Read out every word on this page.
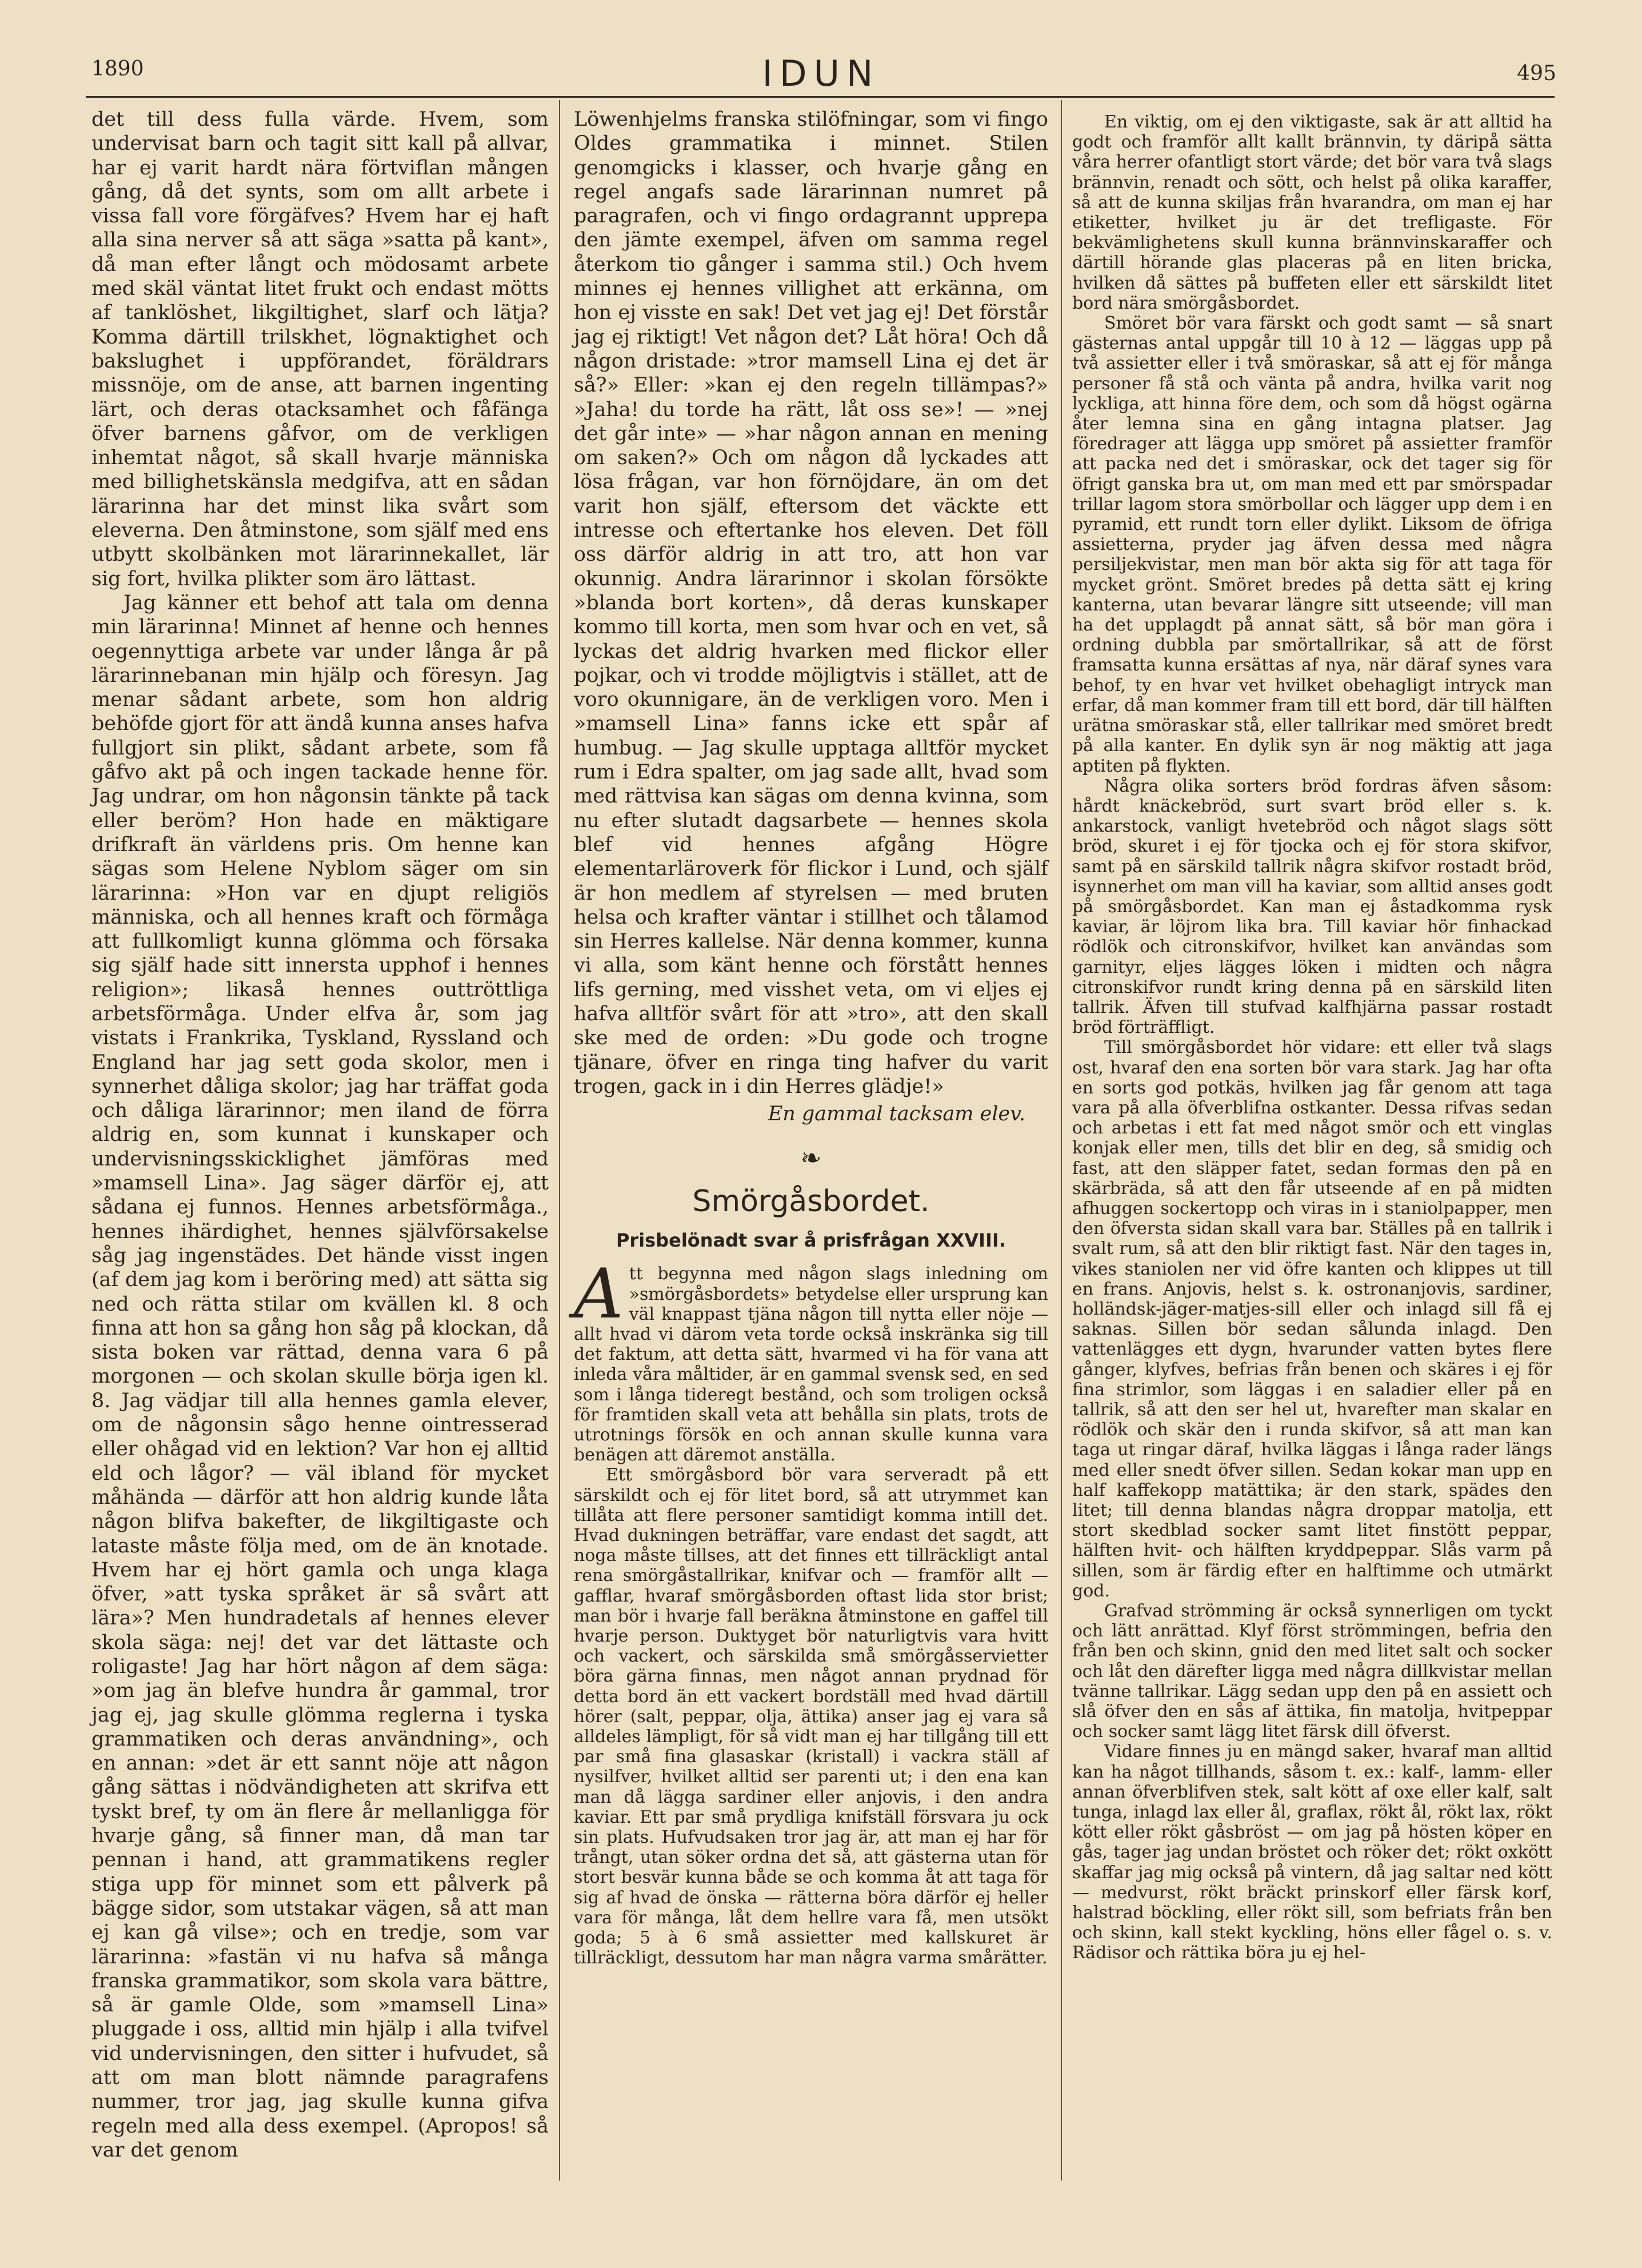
1890	IDUN	495

det till dess fulla värde. Hvem, som undervisat barn och tagit sitt kall på allvar, har ej varit hardt nära förtviflan mången gång, då det synts, som om allt arbete i vissa fall vore förgäfves? Hvem har ej haft alla sina nerver så att säga »satta på kant», då man efter långt och mödosamt arbete med skäl väntat litet frukt och endast mötts af tanklöshet, likgiltighet, slarf och lätja? Komma därtill trilskhet, lögnaktighet och bakslughet i uppförandet, föräldrars missnöje, om de anse, att barnen ingenting lärt, och deras otacksamhet och fåfänga öfver barnens gåfvor, om de verkligen inhemtat något, så skall hvarje människa med billighetskänsla medgifva, att en sådan lärarinna har det minst lika svårt som eleverna. Den åtminstone, som själf med ens utbytt skolbänken mot lärarinnekallet, lär sig fort, hvilka plikter som äro lättast.

Jag känner ett behof att tala om denna min lärarinna! Minnet af henne och hennes oegennyttiga arbete var under långa år på lärarinnebanan min hjälp och föresyn. Jag menar sådant arbete, som hon aldrig behöfde gjort för att ändå kunna anses hafva fullgjort sin plikt, sådant arbete, som få gåfvo akt på och ingen tackade henne för. Jag undrar, om hon någonsin tänkte på tack eller beröm? Hon hade en mäktigare drifkraft än världens pris. Om henne kan sägas som Helene Nyblom säger om sin lärarinna: »Hon var en djupt religiös människa, och all hennes kraft och förmåga att fullkomligt kunna glömma och försaka sig själf hade sitt innersta upphof i hennes religion»; likaså hennes outtröttliga arbetsförmåga. Under elfva år, som jag vistats i Frankrika, Tyskland, Ryssland och England har jag sett goda skolor, men i synnerhet dåliga skolor; jag har träffat goda och dåliga lärarinnor; men iland de förra aldrig en, som kunnat i kunskaper och undervisningsskicklighet jämföras med »mamsell Lina». Jag säger därför ej, att sådana ej funnos. Hennes arbetsförmåga., hennes ihärdighet, hennes självförsakelse såg jag ingenstädes. Det hände visst ingen (af dem jag kom i beröring med) att sätta sig ned och rätta stilar om kvällen kl. 8 och finna att hon sa gång hon såg på klockan, då sista boken var rättad, denna vara 6 på morgonen — och skolan skulle börja igen kl. 8. Jag vädjar till alla hennes gamla elever, om de någonsin sågo henne ointresserad eller ohågad vid en lektion? Var hon ej alltid eld och lågor? — väl ibland för mycket måhända — därför att hon aldrig kunde låta någon blifva bakefter, de likgiltigaste och lataste måste följa med, om de än knotade. Hvem har ej hört gamla och unga klaga öfver, »att tyska språket är så svårt att lära»? Men hundradetals af hennes elever skola säga: nej! det var det lättaste och roligaste! Jag har hört någon af dem säga: »om jag än blefve hundra år gammal, tror jag ej, jag skulle glömma reglerna i tyska grammatiken och deras användning», och en annan: »det är ett sannt nöje att någon gång sättas i nödvändigheten att skrifva ett tyskt bref, ty om än flere år mellanligga för hvarje gång, så finner man, då man tar pennan i hand, att grammatikens regler stiga upp för minnet som ett pålverk på bägge sidor, som utstakar vägen, så att man ej kan gå vilse»; och en tredje, som var lärarinna: »fastän vi nu hafva så många franska grammatikor, som skola vara bättre, så är gamle Olde, som »mamsell Lina» pluggade i oss, alltid min hjälp i alla tvifvel vid undervisningen, den sitter i hufvudet, så att om man blott nämnde paragrafens nummer, tror jag, jag skulle kunna gifva regeln med alla dess exempel. (Apropos! så var det genom

Löwenhjelms franska stilöfningar, som vi fingo Oldes grammatika i minnet. Stilen genomgicks i klasser, och hvarje gång en regel angafs sade lärarinnan numret på paragrafen, och vi fingo ordagrannt upprepa den jämte exempel, äfven om samma regel återkom tio gånger i samma stil.) Och hvem minnes ej hennes villighet att erkänna, om hon ej visste en sak! Det vet jag ej! Det förstår jag ej riktigt! Vet någon det? Låt höra! Och då någon dristade: »tror mamsell Lina ej det är så?» Eller: »kan ej den regeln tillämpas?» »Jaha! du torde ha rätt, låt oss se»! — »nej det går inte» — »har någon annan en mening om saken?» Och om någon då lyckades att lösa frågan, var hon förnöjdare, än om det varit hon själf, eftersom det väckte ett intresse och eftertanke hos eleven. Det föll oss därför aldrig in att tro, att hon var okunnig. Andra lärarinnor i skolan försökte »blanda bort korten», då deras kunskaper kommo till korta, men som hvar och en vet, så lyckas det aldrig hvarken med flickor eller pojkar, och vi trodde möjligtvis i stället, att de voro okunnigare, än de verkligen voro. Men i »mamsell Lina» fanns icke ett spår af humbug. — Jag skulle upptaga alltför mycket rum i Edra spalter, om jag sade allt, hvad som med rättvisa kan sägas om denna kvinna, som nu efter slutadt dagsarbete — hennes skola blef vid hennes afgång Högre elementarläroverk för flickor i Lund, och själf är hon medlem af styrelsen — med bruten helsa och krafter väntar i stillhet och tålamod sin Herres kallelse. När denna kommer, kunna vi alla, som känt henne och förstått hennes lifs gerning, med visshet veta, om vi eljes ej hafva alltför svårt för att »tro», att den skall ske med de orden: »Du gode och trogne tjänare, öfver en ringa ting hafver du varit trogen, gack in i din Herres glädje!»

En gammal tacksam elev.
❧
Smörgåsbordet.
Prisbelönadt svar å prisfrågan XXVIII.

Att begynna med någon slags inledning om »smörgåsbordets» betydelse eller ursprung kan väl knappast tjäna någon till nytta eller nöje — allt hvad vi därom veta torde också inskränka sig till det faktum, att detta sätt, hvarmed vi ha för vana att inleda våra måltider, är en gammal svensk sed, en sed som i långa tideregt bestånd, och som troligen också för framtiden skall veta att behålla sin plats, trots de utrotnings försök en och annan skulle kunna vara benägen att däremot anställa.

Ett smörgåsbord bör vara serveradt på ett särskildt och ej för litet bord, så att utrymmet kan tillåta att flere personer samtidigt komma intill det. Hvad dukningen beträffar, vare endast det sagdt, att noga måste tillses, att det finnes ett tillräckligt antal rena smörgåstallrikar, knifvar och — framför allt — gafflar, hvaraf smörgåsborden oftast lida stor brist; man bör i hvarje fall beräkna åtminstone en gaffel till hvarje person. Duktyget bör naturligtvis vara hvitt och vackert, och särskilda små smörgåsservietter böra gärna finnas, men något annan prydnad för detta bord än ett vackert bordställ med hvad därtill hörer (salt, peppar, olja, ättika) anser jag ej vara så alldeles lämpligt, för så vidt man ej har tillgång till ett par små fina glasaskar (kristall) i vackra ställ af nysilfver, hvilket alltid ser parenti ut; i den ena kan man då lägga sardiner eller anjovis, i den andra kaviar. Ett par små prydliga knifställ försvara ju ock sin plats. Hufvudsaken tror jag är, att man ej har för trångt, utan söker ordna det så, att gästerna utan för stort besvär kunna både se och komma åt att taga för sig af hvad de önska — rätterna böra därför ej heller vara för många, låt dem hellre vara få, men utsökt goda; 5 à 6 små assietter med kallskuret är tillräckligt, dessutom har man några varma smårätter.

En viktig, om ej den viktigaste, sak är att alltid ha godt och framför allt kallt brännvin, ty däripå sätta våra herrer ofantligt stort värde; det bör vara två slags brännvin, renadt och sött, och helst på olika karaffer, så att de kunna skiljas från hvarandra, om man ej har etiketter, hvilket ju är det trefligaste. För bekvämlighetens skull kunna brännvinskaraffer och därtill hörande glas placeras på en liten bricka, hvilken då sättes på buffeten eller ett särskildt litet bord nära smörgåsbordet.

Smöret bör vara färskt och godt samt — så snart gästernas antal uppgår till 10 à 12 — läggas upp på två assietter eller i två smöraskar, så att ej för många personer få stå och vänta på andra, hvilka varit nog lyckliga, att hinna före dem, och som då högst ogärna åter lemna sina en gång intagna platser. Jag föredrager att lägga upp smöret på assietter framför att packa ned det i smöraskar, ock det tager sig för öfrigt ganska bra ut, om man med ett par smörspadar trillar lagom stora smörbollar och lägger upp dem i en pyramid, ett rundt torn eller dylikt. Liksom de öfriga assietterna, pryder jag äfven dessa med några persiljekvistar, men man bör akta sig för att taga för mycket grönt. Smöret bredes på detta sätt ej kring kanterna, utan bevarar längre sitt utseende; vill man ha det upplagdt på annat sätt, så bör man göra i ordning dubbla par smörtallrikar, så att de först framsatta kunna ersättas af nya, när däraf synes vara behof, ty en hvar vet hvilket obehagligt intryck man erfar, då man kommer fram till ett bord, där till hälften urätna smöraskar stå, eller tallrikar med smöret bredt på alla kanter. En dylik syn är nog mäktig att jaga aptiten på flykten.

Några olika sorters bröd fordras äfven såsom: hårdt knäckebröd, surt svart bröd eller s. k. ankarstock, vanligt hvetebröd och något slags sött bröd, skuret i ej för tjocka och ej för stora skifvor, samt på en särskild tallrik några skifvor rostadt bröd, isynnerhet om man vill ha kaviar, som alltid anses godt på smörgåsbordet. Kan man ej åstadkomma rysk kaviar, är löjrom lika bra. Till kaviar hör finhackad rödlök och citronskifvor, hvilket kan användas som garnityr, eljes lägges löken i midten och några citronskifvor rundt kring denna på en särskild liten tallrik. Äfven till stufvad kalfhjärna passar rostadt bröd förträffligt.

Till smörgåsbordet hör vidare: ett eller två slags ost, hvaraf den ena sorten bör vara stark. Jag har ofta en sorts god potkäs, hvilken jag får genom att taga vara på alla öfverblifna ostkanter. Dessa rifvas sedan och arbetas i ett fat med något smör och ett vinglas konjak eller men, tills det blir en deg, så smidig och fast, att den släpper fatet, sedan formas den på en skärbräda, så att den får utseende af en på midten afhuggen sockertopp och viras in i staniolpapper, men den öfversta sidan skall vara bar. Ställes på en tallrik i svalt rum, så att den blir riktigt fast. När den tages in, vikes staniolen ner vid öfre kanten och klippes ut till en frans. Anjovis, helst s. k. ostronanjovis, sardiner, holländsk-jäger-matjes-sill eller och inlagd sill få ej saknas. Sillen bör sedan sålunda inlagd. Den vattenlägges ett dygn, hvarunder vatten bytes flere gånger, klyfves, befrias från benen och skäres i ej för fina strimlor, som läggas i en saladier eller på en tallrik, så att den ser hel ut, hvarefter man skalar en rödlök och skär den i runda skifvor, så att man kan taga ut ringar däraf, hvilka läggas i långa rader längs med eller snedt öfver sillen. Sedan kokar man upp en half kaffekopp matättika; är den stark, spädes den litet; till denna blandas några droppar matolja, ett stort skedblad socker samt litet finstött peppar, hälften hvit- och hälften kryddpeppar. Slås varm på sillen, som är färdig efter en halftimme och utmärkt god.

Grafvad strömming är också synnerligen om tyckt och lätt anrättad. Klyf först strömmingen, befria den från ben och skinn, gnid den med litet salt och socker och låt den därefter ligga med några dillkvistar mellan tvänne tallrikar. Lägg sedan upp den på en assiett och slå öfver den en sås af ättika, fin matolja, hvitpeppar och socker samt lägg litet färsk dill öfverst.

Vidare finnes ju en mängd saker, hvaraf man alltid kan ha något tillhands, såsom t. ex.: kalf-, lamm- eller annan öfverblifven stek, salt kött af oxe eller kalf, salt tunga, inlagd lax eller ål, graflax, rökt ål, rökt lax, rökt kött eller rökt gåsbröst — om jag på hösten köper en gås, tager jag undan bröstet och röker det; rökt oxkött skaffar jag mig också på vintern, då jag saltar ned kött — medvurst, rökt bräckt prinskorf eller färsk korf, halstrad böckling, eller rökt sill, som befriats från ben och skinn, kall stekt kyckling, höns eller fågel o. s. v. Rädisor och rättika böra ju ej hel-
